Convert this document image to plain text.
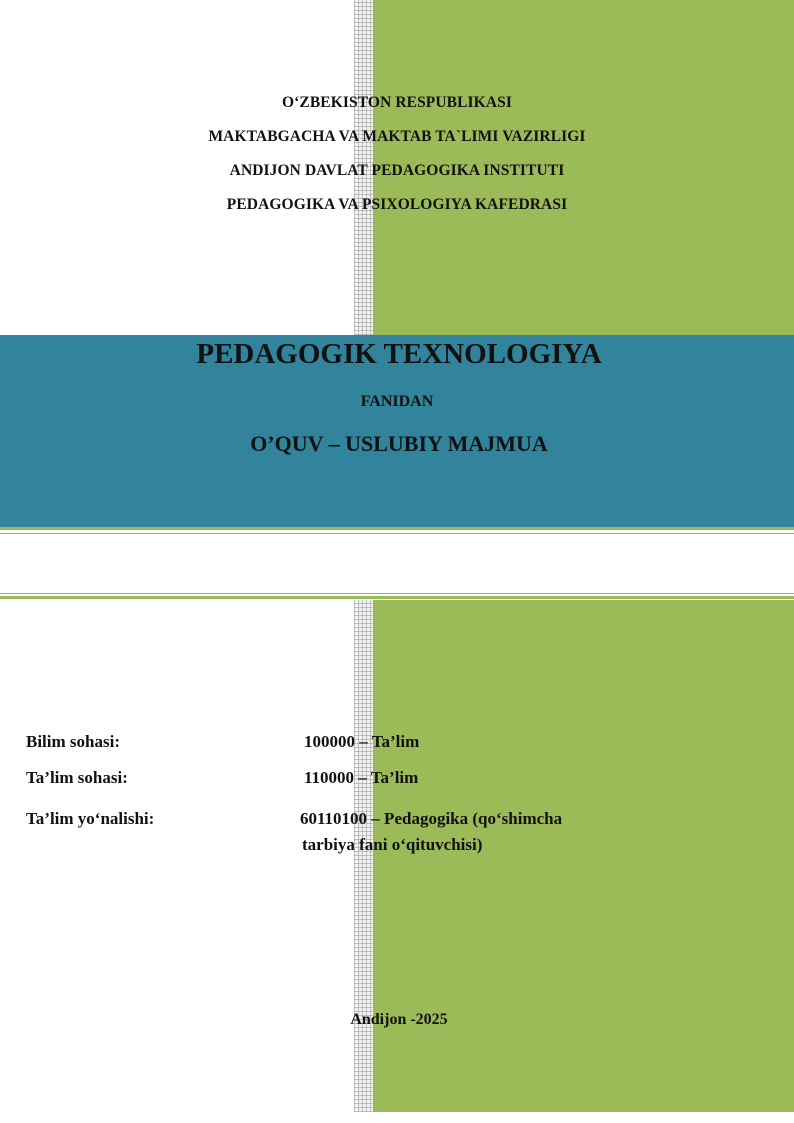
O‘ZBEKISTON RESPUBLIKASI
MAKTABGACHA VA MAKTAB TA`LIMI VAZIRLIGI
ANDIJON DAVLAT PEDAGOGIKA INSTITUTI
PEDAGOGIKA VA PSIXOLOGIYA KAFEDRASI
PEDAGOGIK TEXNOLOGIYA
FANIDAN
O’QUV – USLUBIY MAJMUA
Bilim sohasi:	100000 – Ta’lim
Ta’lim sohasi:	110000 – Ta’lim
Ta’lim yo‘nalishi:	60110100 – Pedagogika (qo‘shimcha
tarbiya fani o‘qituvchisi)
Andijon -2025
